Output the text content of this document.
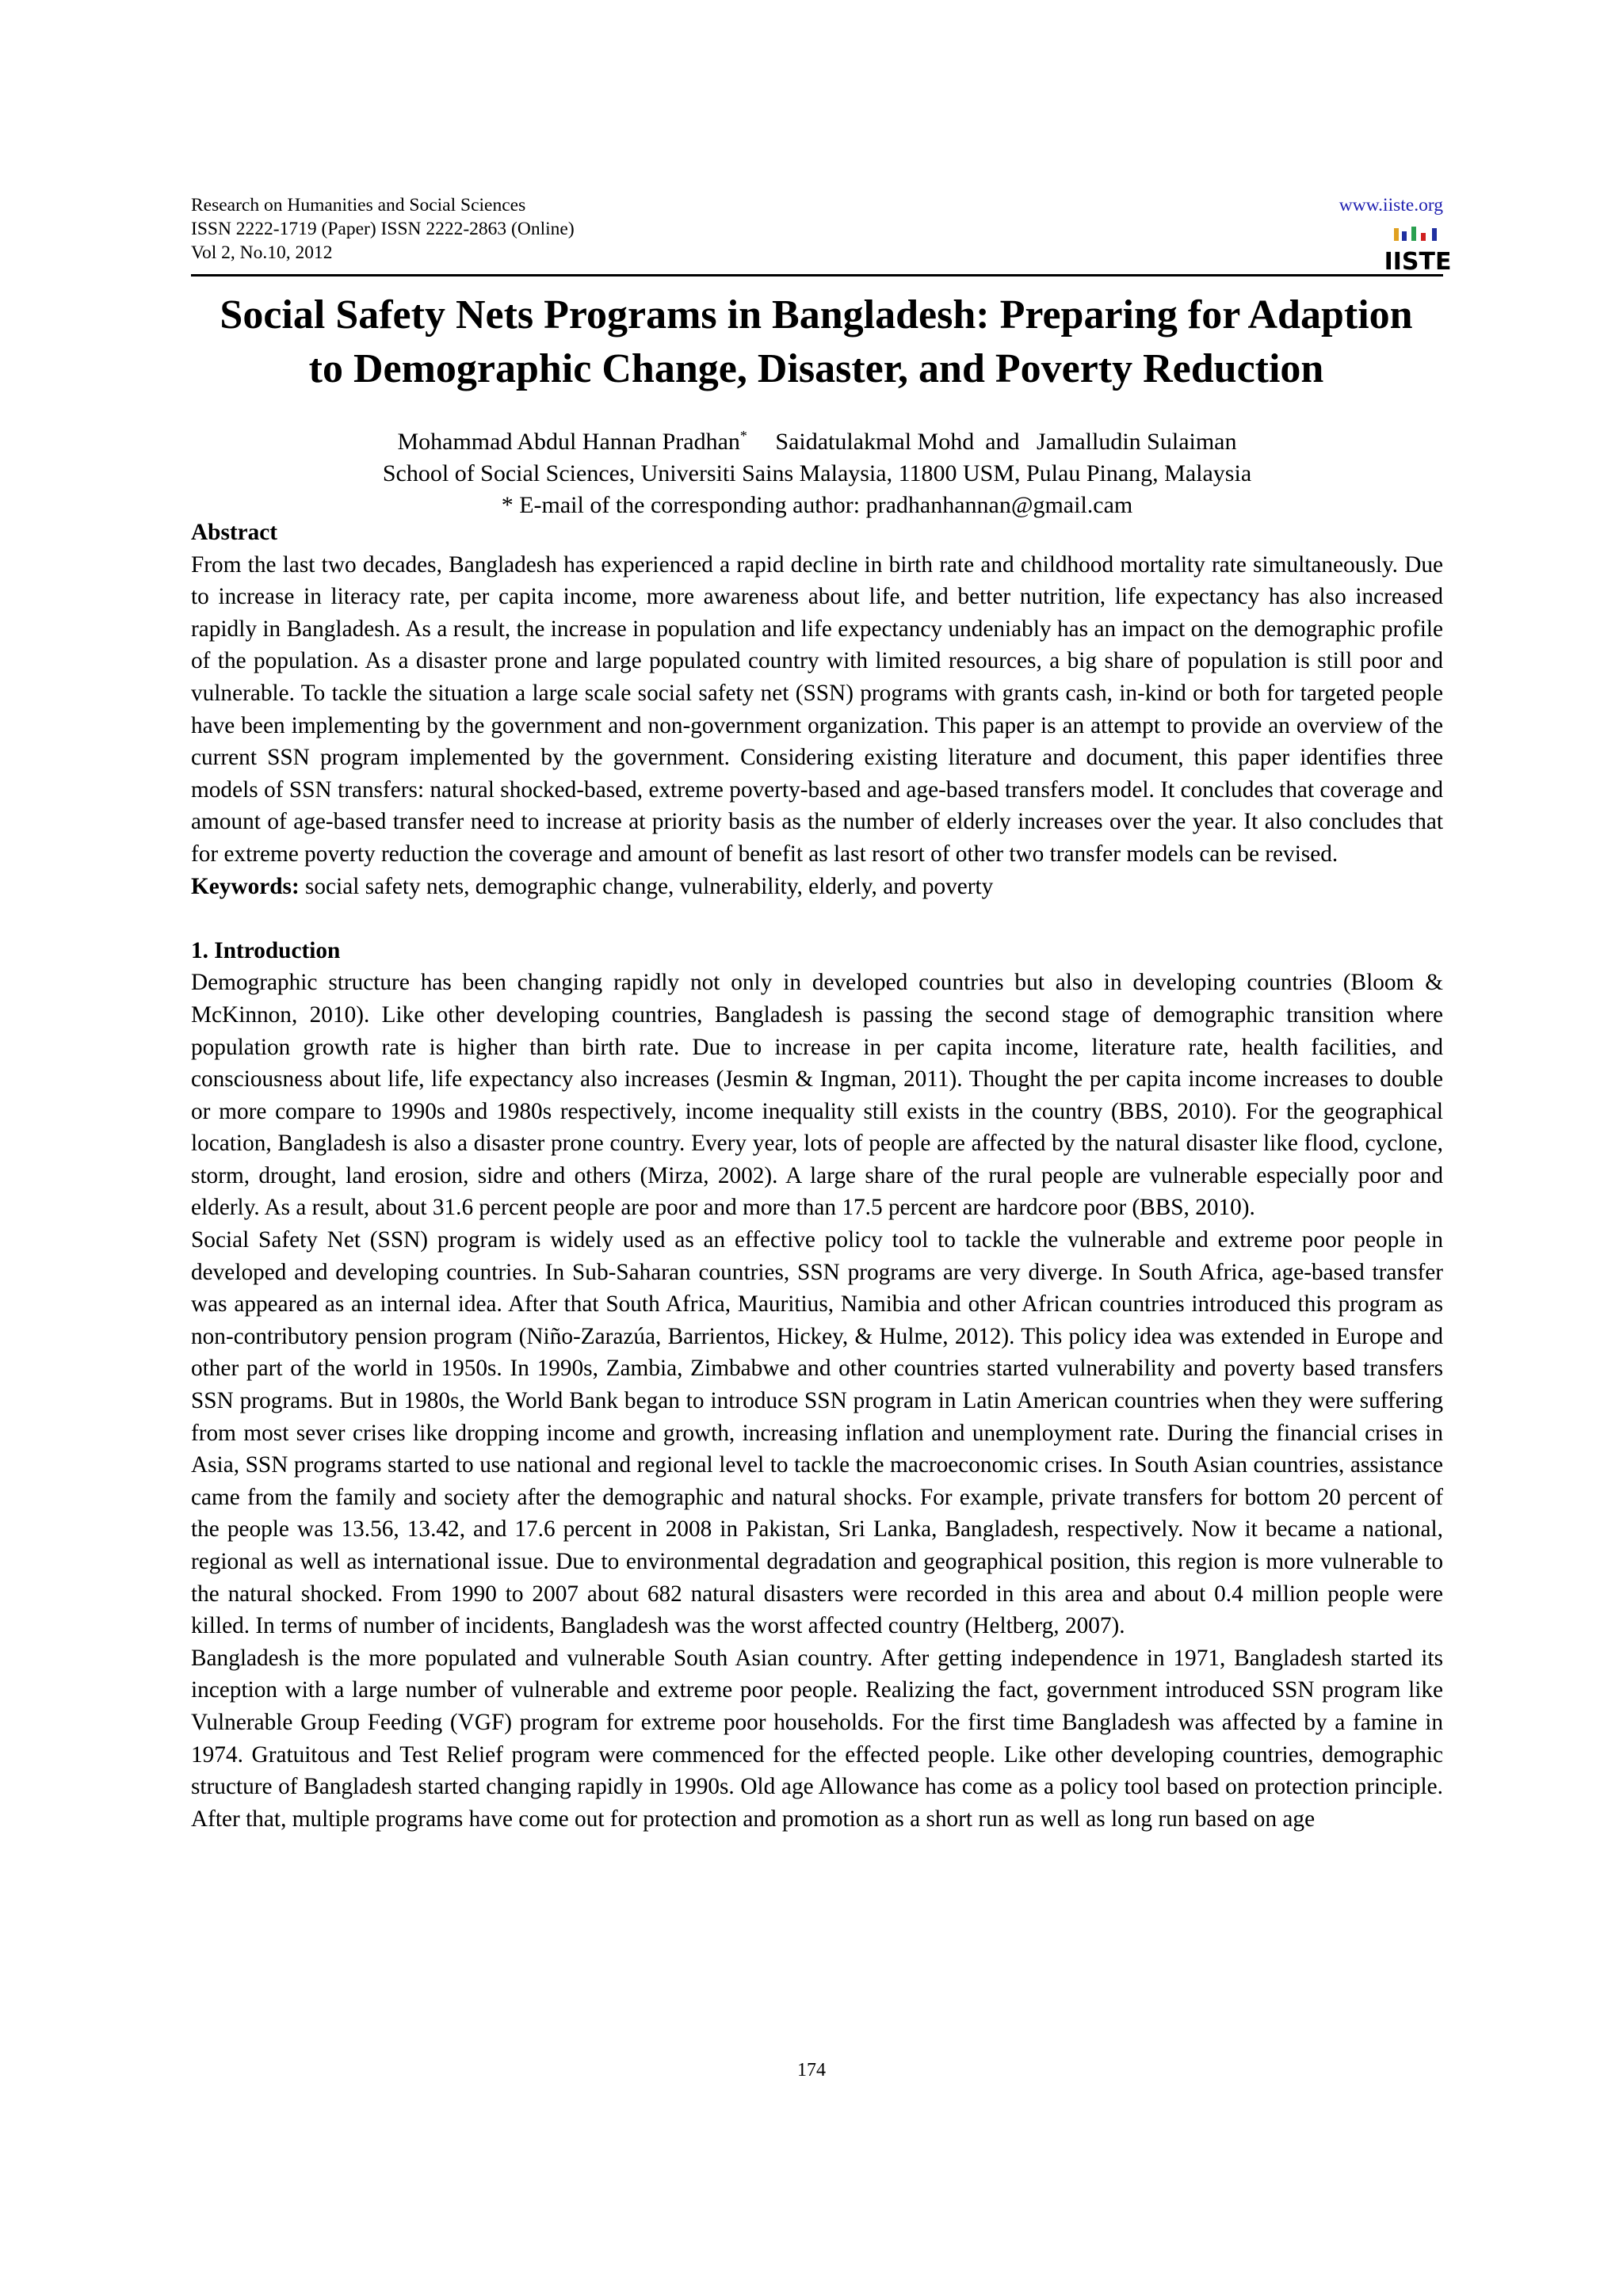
Research on Humanities and Social Sciences
ISSN 2222-1719 (Paper) ISSN 2222-2863 (Online)
Vol 2, No.10, 2012
www.iiste.org
IISTE
Social Safety Nets Programs in Bangladesh: Preparing for Adaption
to Demographic Change, Disaster, and Poverty Reduction
Mohammad Abdul Hannan Pradhan* Saidatulakmal Mohd and Jamalludin Sulaiman
School of Social Sciences, Universiti Sains Malaysia, 11800 USM, Pulau Pinang, Malaysia
* E-mail of the corresponding author: pradhanhannan@gmail.cam
Abstract

From the last two decades, Bangladesh has experienced a rapid decline in birth rate and childhood mortality rate simultaneously. Due to increase in literacy rate, per capita income, more awareness about life, and better nutrition, life expectancy has also increased rapidly in Bangladesh. As a result, the increase in population and life expectancy undeniably has an impact on the demographic profile of the population. As a disaster prone and large populated country with limited resources, a big share of population is still poor and vulnerable. To tackle the situation a large scale social safety net (SSN) programs with grants cash, in-kind or both for targeted people have been implementing by the government and non-government organization. This paper is an attempt to provide an overview of the current SSN program implemented by the government. Considering existing literature and document, this paper identifies three models of SSN transfers: natural shocked-based, extreme poverty-based and age-based transfers model. It concludes that coverage and amount of age-based transfer need to increase at priority basis as the number of elderly increases over the year. It also concludes that for extreme poverty reduction the coverage and amount of benefit as last resort of other two transfer models can be revised.

Keywords: social safety nets, demographic change, vulnerability, elderly, and poverty

1. Introduction

Demographic structure has been changing rapidly not only in developed countries but also in developing countries (Bloom & McKinnon, 2010). Like other developing countries, Bangladesh is passing the second stage of demographic transition where population growth rate is higher than birth rate. Due to increase in per capita income, literature rate, health facilities, and consciousness about life, life expectancy also increases (Jesmin & Ingman, 2011). Thought the per capita income increases to double or more compare to 1990s and 1980s respectively, income inequality still exists in the country (BBS, 2010). For the geographical location, Bangladesh is also a disaster prone country. Every year, lots of people are affected by the natural disaster like flood, cyclone, storm, drought, land erosion, sidre and others (Mirza, 2002). A large share of the rural people are vulnerable especially poor and elderly. As a result, about 31.6 percent people are poor and more than 17.5 percent are hardcore poor (BBS, 2010).

Social Safety Net (SSN) program is widely used as an effective policy tool to tackle the vulnerable and extreme poor people in developed and developing countries. In Sub-Saharan countries, SSN programs are very diverge. In South Africa, age-based transfer was appeared as an internal idea. After that South Africa, Mauritius, Namibia and other African countries introduced this program as non-contributory pension program (Niño-Zarazúa, Barrientos, Hickey, & Hulme, 2012). This policy idea was extended in Europe and other part of the world in 1950s. In 1990s, Zambia, Zimbabwe and other countries started vulnerability and poverty based transfers SSN programs. But in 1980s, the World Bank began to introduce SSN program in Latin American countries when they were suffering from most sever crises like dropping income and growth, increasing inflation and unemployment rate. During the financial crises in Asia, SSN programs started to use national and regional level to tackle the macroeconomic crises. In South Asian countries, assistance came from the family and society after the demographic and natural shocks. For example, private transfers for bottom 20 percent of the people was 13.56, 13.42, and 17.6 percent in 2008 in Pakistan, Sri Lanka, Bangladesh, respectively. Now it became a national, regional as well as international issue. Due to environmental degradation and geographical position, this region is more vulnerable to the natural shocked. From 1990 to 2007 about 682 natural disasters were recorded in this area and about 0.4 million people were killed. In terms of number of incidents, Bangladesh was the worst affected country (Heltberg, 2007).

Bangladesh is the more populated and vulnerable South Asian country. After getting independence in 1971, Bangladesh started its inception with a large number of vulnerable and extreme poor people. Realizing the fact, government introduced SSN program like Vulnerable Group Feeding (VGF) program for extreme poor households. For the first time Bangladesh was affected by a famine in 1974. Gratuitous and Test Relief program were commenced for the effected people. Like other developing countries, demographic structure of Bangladesh started changing rapidly in 1990s. Old age Allowance has come as a policy tool based on protection principle. After that, multiple programs have come out for protection and promotion as a short run as well as long run based on age

174
